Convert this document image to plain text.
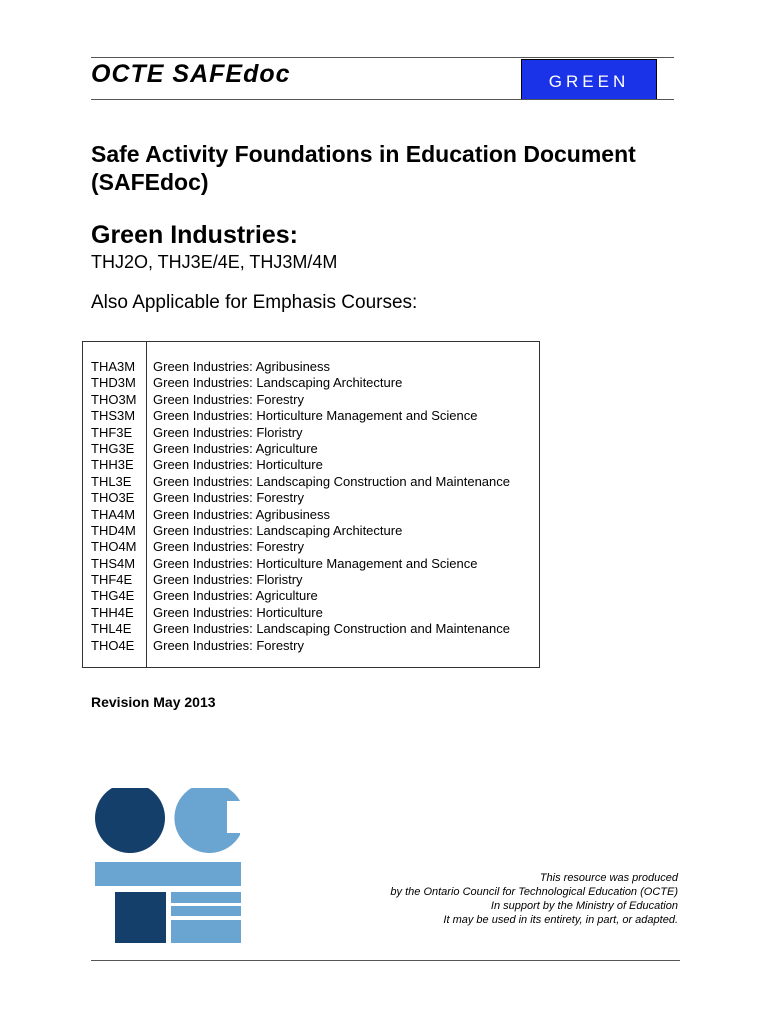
OCTE SAFEdoc	GREEN
Safe Activity Foundations in Education Document (SAFEdoc)
Green Industries:
THJ2O, THJ3E/4E, THJ3M/4M
Also Applicable for Emphasis Courses:
THA3M	Green Industries: Agribusiness
THD3M	Green Industries: Landscaping Architecture
THO3M	Green Industries: Forestry
THS3M	Green Industries: Horticulture Management and Science
THF3E	Green Industries: Floristry
THG3E	Green Industries: Agriculture
THH3E	Green Industries: Horticulture
THL3E	Green Industries: Landscaping Construction and Maintenance
THO3E	Green Industries: Forestry
THA4M	Green Industries: Agribusiness
THD4M	Green Industries: Landscaping Architecture
THO4M	Green Industries: Forestry
THS4M	Green Industries: Horticulture Management and Science
THF4E	Green Industries: Floristry
THG4E	Green Industries: Agriculture
THH4E	Green Industries: Horticulture
THL4E	Green Industries: Landscaping Construction and Maintenance
THO4E	Green Industries: Forestry
Revision May 2013
This resource was produced
by the Ontario Council for Technological Education (OCTE)
In support by the Ministry of Education
It may be used in its entirety, in part, or adapted.
